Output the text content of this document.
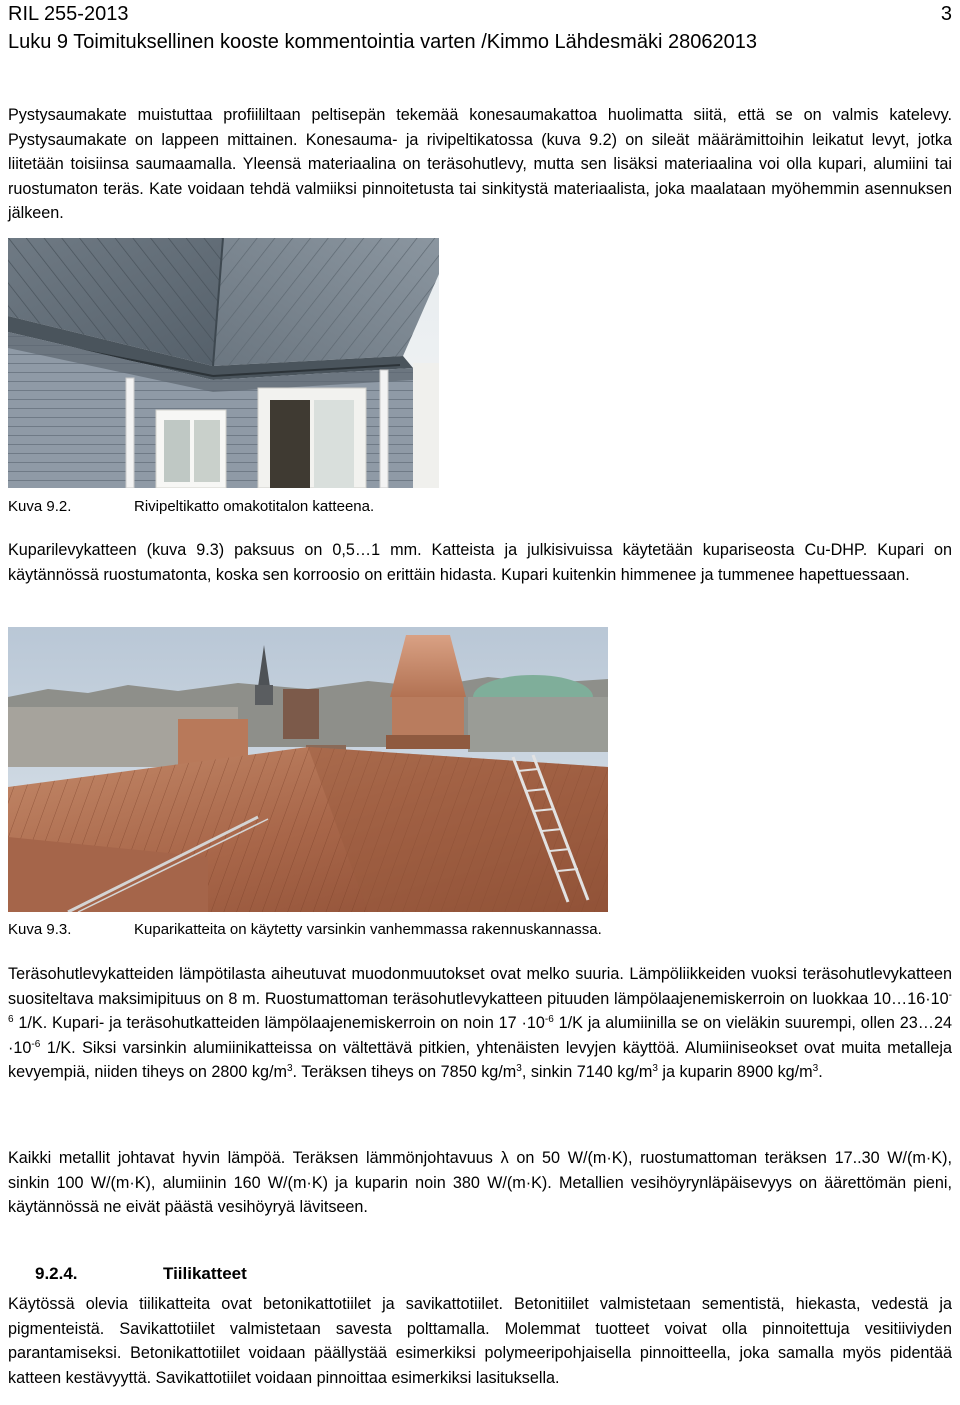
RIL 255-2013
Luku 9 Toimituksellinen kooste kommentointia varten /Kimmo Lähdesmäki 28062013
3

Pystysaumakate muistuttaa profiililtaan peltisepän tekemää konesaumakattoa huolimatta siitä, että se on valmis katelevy. Pystysaumakate on lappeen mittainen. Konesauma- ja rivipeltikatossa (kuva 9.2) on sileät määrämittoihin leikatut levyt, jotka liitetään toisiinsa saumaamalla. Yleensä materiaalina on teräsohutlevy, mutta sen lisäksi materiaalina voi olla kupari, alumiini tai ruostumaton teräs. Kate voidaan tehdä valmiiksi pinnoitetusta tai sinkitystä materiaalista, joka maalataan myöhemmin asennuksen jälkeen.

Kuva 9.2.	Rivipeltikatto omakotitalon katteena.

Kuparilevykatteen (kuva 9.3) paksuus on 0,5…1 mm. Katteista ja julkisivuissa käytetään kupariseosta Cu-DHP. Kupari on käytännössä ruostumatonta, koska sen korroosio on erittäin hidasta. Kupari kuitenkin himmenee ja tummenee hapettuessaan.

Kuva 9.3.	Kuparikatteita on käytetty varsinkin vanhemmassa rakennuskannassa.

Teräsohutlevykatteiden lämpötilasta aiheutuvat muodonmuutokset ovat melko suuria. Lämpöliikkeiden vuoksi teräsohutlevykatteen suositeltava maksimipituus on 8 m. Ruostumattoman teräsohutlevykatteen pituuden lämpölaajenemiskerroin on luokkaa $10\dots 16\cdot 10^{-6}$ 1/K. Kupari- ja teräsohutkatteiden lämpölaajenemiskerroin on noin $17 \cdot 10^{-6}$ 1/K ja alumiinilla se on vieläkin suurempi, ollen 23…24 $\cdot 10^{-6}$ 1/K. Siksi varsinkin alumiinikatteissa on vältettävä pitkien, yhtenäisten levyjen käyttöä. Alumiiniseokset ovat muita metalleja kevyempiä, niiden tiheys on 2800 $kg/m^3$. Teräksen tiheys on 7850 $kg/m^3$, sinkin 7140 $kg/m^3$ ja kuparin 8900 $kg/m^3$.

Kaikki metallit johtavat hyvin lämpöä. Teräksen lämmönjohtavuus λ on 50 W/(m·K), ruostumattoman teräksen 17..30 W/(m·K), sinkin 100 W/(m·K), alumiinin 160 W/(m·K) ja kuparin noin 380 W/(m·K). Metallien vesihöyrynläpäisevyys on äärettömän pieni, käytännössä ne eivät päästä vesihöyryä lävitseen.

9.2.4.	Tiilikatteet

Käytössä olevia tiilikatteita ovat betonikattotiilet ja savikattotiilet. Betonitiilet valmistetaan sementistä, hiekasta, vedestä ja pigmenteistä. Savikattotiilet valmistetaan savesta polttamalla. Molemmat tuotteet voivat olla pinnoitettuja vesitiiviyden parantamiseksi. Betonikattotiilet voidaan päällystää esimerkiksi polymeeripohjaisella pinnoitteella, joka samalla myös pidentää katteen kestävyyttä. Savikattotiilet voidaan pinnoittaa esimerkiksi lasituksella.
